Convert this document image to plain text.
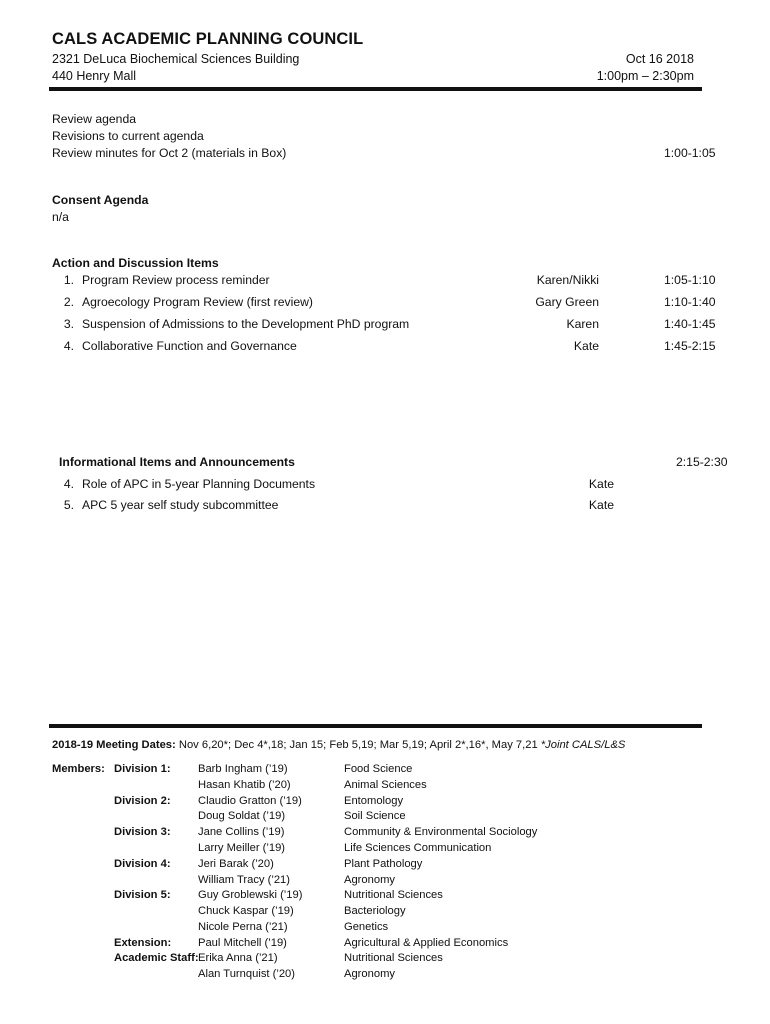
CALS ACADEMIC PLANNING COUNCIL
2321 DeLuca Biochemical Sciences Building
440 Henry Mall
Oct 16 2018
1:00pm – 2:30pm
Review agenda
Revisions to current agenda
Review minutes for Oct 2 (materials in Box)	1:00-1:05
Consent Agenda
n/a
Action and Discussion Items
1. Program Review process reminder	Karen/Nikki	1:05-1:10
2. Agroecology Program Review (first review)	Gary Green	1:10-1:40
3. Suspension of Admissions to the Development PhD program	Karen	1:40-1:45
4. Collaborative Function and Governance	Kate	1:45-2:15
Informational Items and Announcements	2:15-2:30
4. Role of APC in 5-year Planning Documents	Kate
5. APC 5 year self study subcommittee	Kate
2018-19 Meeting Dates: Nov 6,20*; Dec 4*,18; Jan 15; Feb 5,19; Mar 5,19; April 2*,16*, May 7,21 *Joint CALS/L&S
Members: Division 1: Barb Ingham (’19)	Food Science
Hasan Khatib (’20)	Animal Sciences
Division 2: Claudio Gratton (’19)	Entomology
Doug Soldat (’19)	Soil Science
Division 3: Jane Collins (’19)	Community & Environmental Sociology
Larry Meiller (’19)	Life Sciences Communication
Division 4: Jeri Barak (’20)	Plant Pathology
William Tracy (’21)	Agronomy
Division 5: Guy Groblewski (’19)	Nutritional Sciences
Chuck Kaspar (’19)	Bacteriology
Nicole Perna (’21)	Genetics
Extension: Paul Mitchell (’19)	Agricultural & Applied Economics
Academic Staff: Erika Anna (’21)	Nutritional Sciences
Alan Turnquist (’20)	Agronomy
